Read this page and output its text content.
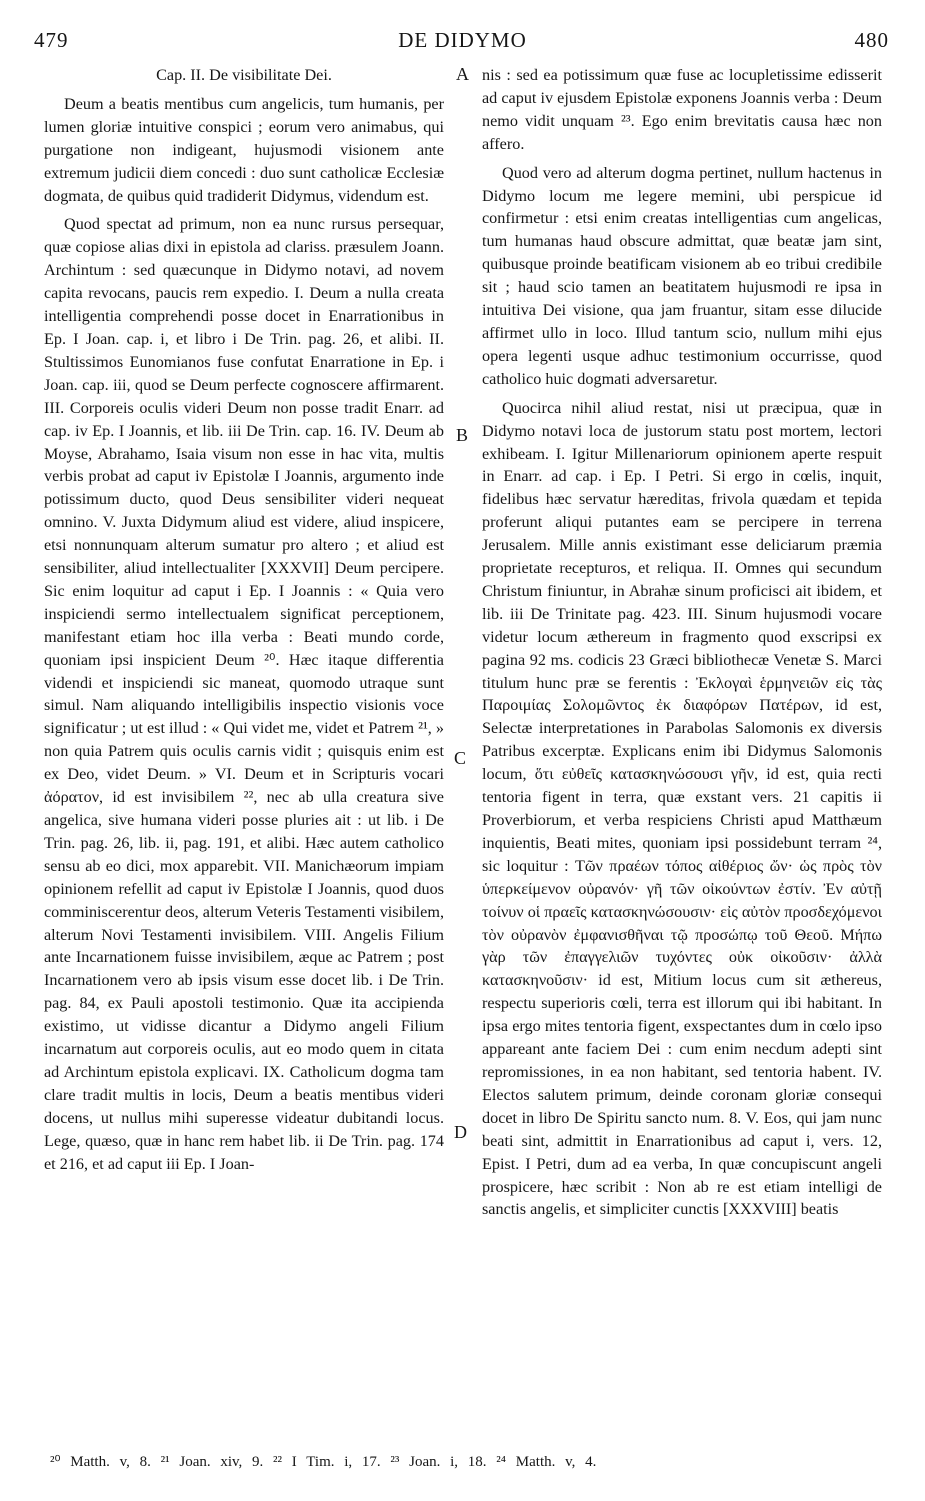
479	DE DIDYMO	480

Cap. II. De visibilitate Dei.

Deum a beatis mentibus cum angelicis, tum humanis, per lumen gloriæ intuitive conspici ; eorum vero animabus, qui purgatione non indigeant, hujusmodi visionem ante extremum judicii diem concedi : duo sunt catholicæ Ecclesiæ dogmata, de quibus quid tradiderit Didymus, videndum est.

Quod spectat ad primum, non ea nunc rursus persequar, quæ copiose alias dixi in epistola ad clariss. præsulem Joann. Archintum : sed quæcunque in Didymo notavi, ad novem capita revocans, paucis rem expedio. I. Deum a nulla creata intelligentia comprehendi posse docet in Enarrationibus in Ep. I Joan. cap. i, et libro i De Trin. pag. 26, et alibi. II. Stultissimos Eunomianos fuse confutat Enarratione in Ep. i Joan. cap. iii, quod se Deum perfecte cognoscere affirmarent. III. Corporeis oculis videri Deum non posse tradit Enarr. ad cap. iv Ep. I Joannis, et lib. iii De Trin. cap. 16. IV. Deum ab Moyse, Abrahamo, Isaia visum non esse in hac vita, multis verbis probat ad caput iv Epistolæ I Joannis, argumento inde potissimum ducto, quod Deus sensibiliter videri nequeat omnino. V. Juxta Didymum aliud est videre, aliud inspicere, etsi nonnunquam alterum sumatur pro altero ; et aliud est sensibiliter, aliud intellectualiter [XXXVII] Deum percipere. Sic enim loquitur ad caput i Ep. I Joannis : « Quia vero inspiciendi sermo intellectualem significat perceptionem, manifestant etiam hoc illa verba : Beati mundo corde, quoniam ipsi inspicient Deum ²⁰. Hæc itaque differentia videndi et inspiciendi sic maneat, quomodo utraque sunt simul. Nam aliquando intelligibilis inspectio visionis voce significatur ; ut est illud : « Qui videt me, videt et Patrem ²¹, » non quia Patrem quis oculis carnis vidit ; quisquis enim est ex Deo, videt Deum. » VI. Deum et in Scripturis vocari ἀόρατον, id est invisibilem ²², nec ab ulla creatura sive angelica, sive humana videri posse pluries ait : ut lib. i De Trin. pag. 26, lib. ii, pag. 191, et alibi. Hæc autem catholico sensu ab eo dici, mox apparebit. VII. Manichæorum impiam opinionem refellit ad caput iv Epistolæ I Joannis, quod duos comminiscerentur deos, alterum Veteris Testamenti visibilem, alterum Novi Testamenti invisibilem. VIII. Angelis Filium ante Incarnationem fuisse invisibilem, æque ac Patrem ; post Incarnationem vero ab ipsis visum esse docet lib. i De Trin. pag. 84, ex Pauli apostoli testimonio. Quæ ita accipienda existimo, ut vidisse dicantur a Didymo angeli Filium incarnatum aut corporeis oculis, aut eo modo quem in citata ad Archintum epistola explicavi. IX. Catholicum dogma tam clare tradit multis in locis, Deum a beatis mentibus videri docens, ut nullus mihi superesse videatur dubitandi locus. Lege, quæso, quæ in hanc rem habet lib. ii De Trin. pag. 174 et 216, et ad caput iii Ep. I Joan-

A
B
C
D

nis : sed ea potissimum quæ fuse ac locupletissime edisserit ad caput iv ejusdem Epistolæ exponens Joannis verba : Deum nemo vidit unquam ²³. Ego enim brevitatis causa hæc non affero.

Quod vero ad alterum dogma pertinet, nullum hactenus in Didymo locum me legere memini, ubi perspicue id confirmetur : etsi enim creatas intelligentias cum angelicas, tum humanas haud obscure admittat, quæ beatæ jam sint, quibusque proinde beatificam visionem ab eo tribui credibile sit ; haud scio tamen an beatitatem hujusmodi re ipsa in intuitiva Dei visione, qua jam fruantur, sitam esse dilucide affirmet ullo in loco. Illud tantum scio, nullum mihi ejus opera legenti usque adhuc testimonium occurrisse, quod catholico huic dogmati adversaretur.

Quocirca nihil aliud restat, nisi ut præcipua, quæ in Didymo notavi loca de justorum statu post mortem, lectori exhibeam. I. Igitur Millenariorum opinionem aperte respuit in Enarr. ad cap. i Ep. I Petri. Si ergo in cœlis, inquit, fidelibus hæc servatur hæreditas, frivola quædam et tepida proferunt aliqui putantes eam se percipere in terrena Jerusalem. Mille annis existimant esse deliciarum præmia proprietate recepturos, et reliqua. II. Omnes qui secundum Christum finiuntur, in Abrahæ sinum proficisci ait ibidem, et lib. iii De Trinitate pag. 423. III. Sinum hujusmodi vocare videtur locum æthereum in fragmento quod exscripsi ex pagina 92 ms. codicis 23 Græci bibliothecæ Venetæ S. Marci titulum hunc præ se ferentis : Ἐκλογαὶ ἑρμηνειῶν εἰς τὰς Παροιμίας Σολομῶντος ἐκ διαφόρων Πατέρων, id est, Selectæ interpretationes in Parabolas Salomonis ex diversis Patribus excerptæ. Explicans enim ibi Didymus Salomonis locum, ὅτι εὐθεῖς κατασκηνώσουσι γῆν, id est, quia recti tentoria figent in terra, quæ exstant vers. 21 capitis ii Proverbiorum, et verba respiciens Christi apud Matthæum inquientis, Beati mites, quoniam ipsi possidebunt terram ²⁴, sic loquitur : Τῶν πραέων τόπος αἰθέριος ὤν· ὡς πρὸς τὸν ὑπερκείμενον οὐρανόν· γῆ τῶν οἰκούντων ἐστίν. Ἐν αὐτῇ τοίνυν οἱ πραεῖς κατασκηνώσουσιν· εἰς αὐτὸν προσδεχόμενοι τὸν οὐρανὸν ἐμφανισθῆναι τῷ προσώπῳ τοῦ Θεοῦ. Μήπω γὰρ τῶν ἐπαγγελιῶν τυχόντες οὐκ οἰκοῦσιν· ἀλλὰ κατασκηνοῦσιν· id est, Mitium locus cum sit æthereus, respectu superioris cœli, terra est illorum qui ibi habitant. In ipsa ergo mites tentoria figent, exspectantes dum in cœlo ipso appareant ante faciem Dei : cum enim necdum adepti sint repromissiones, in ea non habitant, sed tentoria habent. IV. Electos salutem primum, deinde coronam gloriæ consequi docet in libro De Spiritu sancto num. 8. V. Eos, qui jam nunc beati sint, admittit in Enarrationibus ad caput i, vers. 12, Epist. I Petri, dum ad ea verba, In quæ concupiscunt angeli prospicere, hæc scribit : Non ab re est etiam intelligi de sanctis angelis, et simpliciter cunctis [XXXVIII] beatis

²⁰ Matth. v, 8. ²¹ Joan. xiv, 9. ²² I Tim. i, 17. ²³ Joan. i, 18. ²⁴ Matth. v, 4.
